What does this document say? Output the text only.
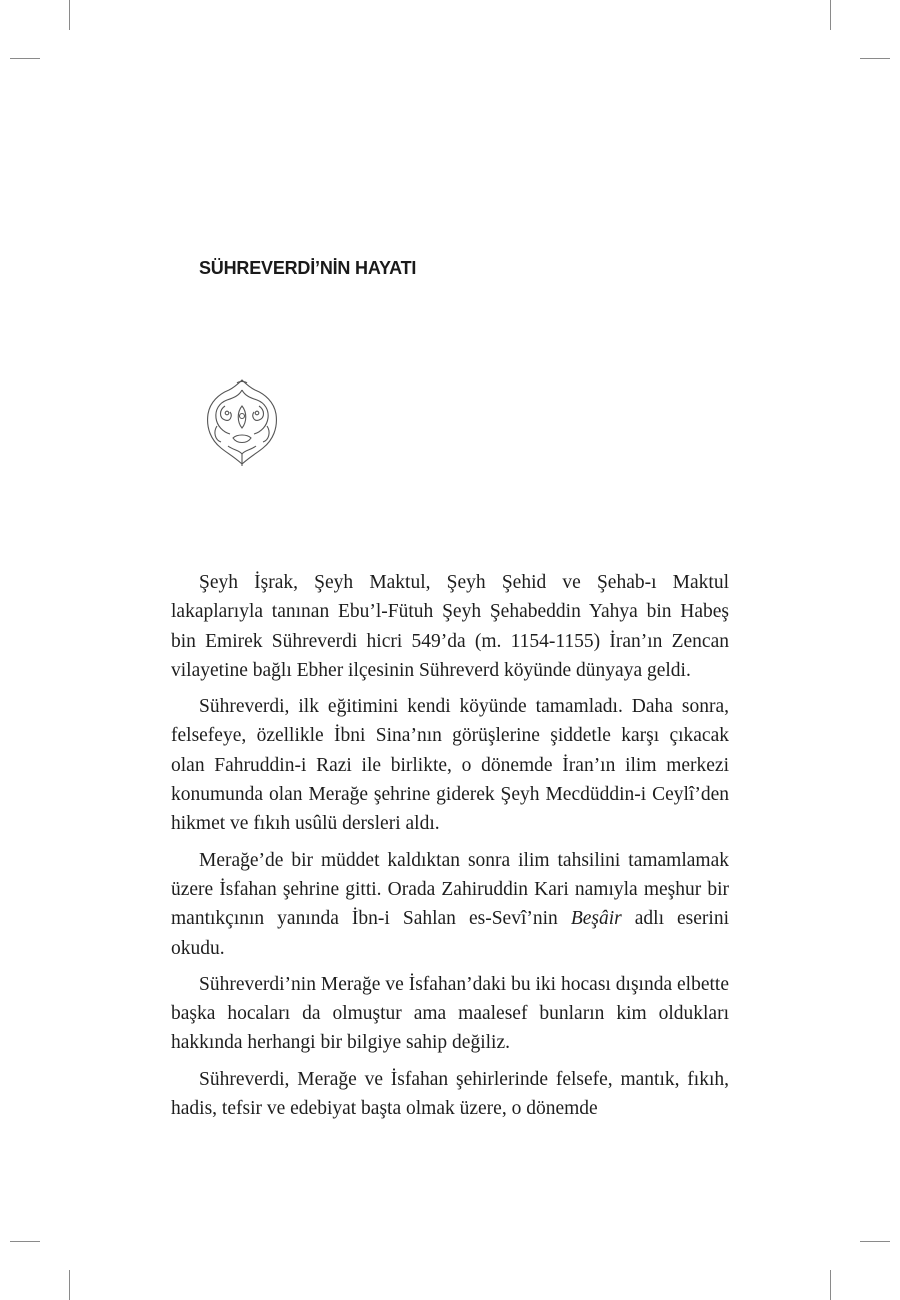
SÜHREVERDİ’NİN HAYATI

Şeyh İşrak, Şeyh Maktul, Şeyh Şehid ve Şehab-ı Maktul lakaplarıyla tanınan Ebu’l-Fütuh Şeyh Şehabeddin Yahya bin Habeş bin Emirek Sühreverdi hicri 549’da (m. 1154-1155) İran’ın Zencan vilayetine bağlı Ebher ilçesinin Sühreverd köyünde dünyaya geldi.

Sühreverdi, ilk eğitimini kendi köyünde tamamladı. Daha sonra, felsefeye, özellikle İbni Sina’nın görüşlerine şiddetle karşı çıkacak olan Fahruddin-i Razi ile birlikte, o dönemde İran’ın ilim merkezi konumunda olan Merağe şehrine giderek Şeyh Mecdüddin-i Ceylî’den hikmet ve fıkıh usûlü dersleri aldı.

Merağe’de bir müddet kaldıktan sonra ilim tahsilini tamamlamak üzere İsfahan şehrine gitti. Orada Zahiruddin Kari namıyla meşhur bir mantıkçının yanında İbn-i Sahlan es-Sevî’nin Beşâir adlı eserini okudu.

Sühreverdi’nin Merağe ve İsfahan’daki bu iki hocası dışında elbette başka hocaları da olmuştur ama maalesef bunların kim oldukları hakkında herhangi bir bilgiye sahip değiliz.

Sühreverdi, Merağe ve İsfahan şehirlerinde felsefe, mantık, fıkıh, hadis, tefsir ve edebiyat başta olmak üzere, o dönemde
